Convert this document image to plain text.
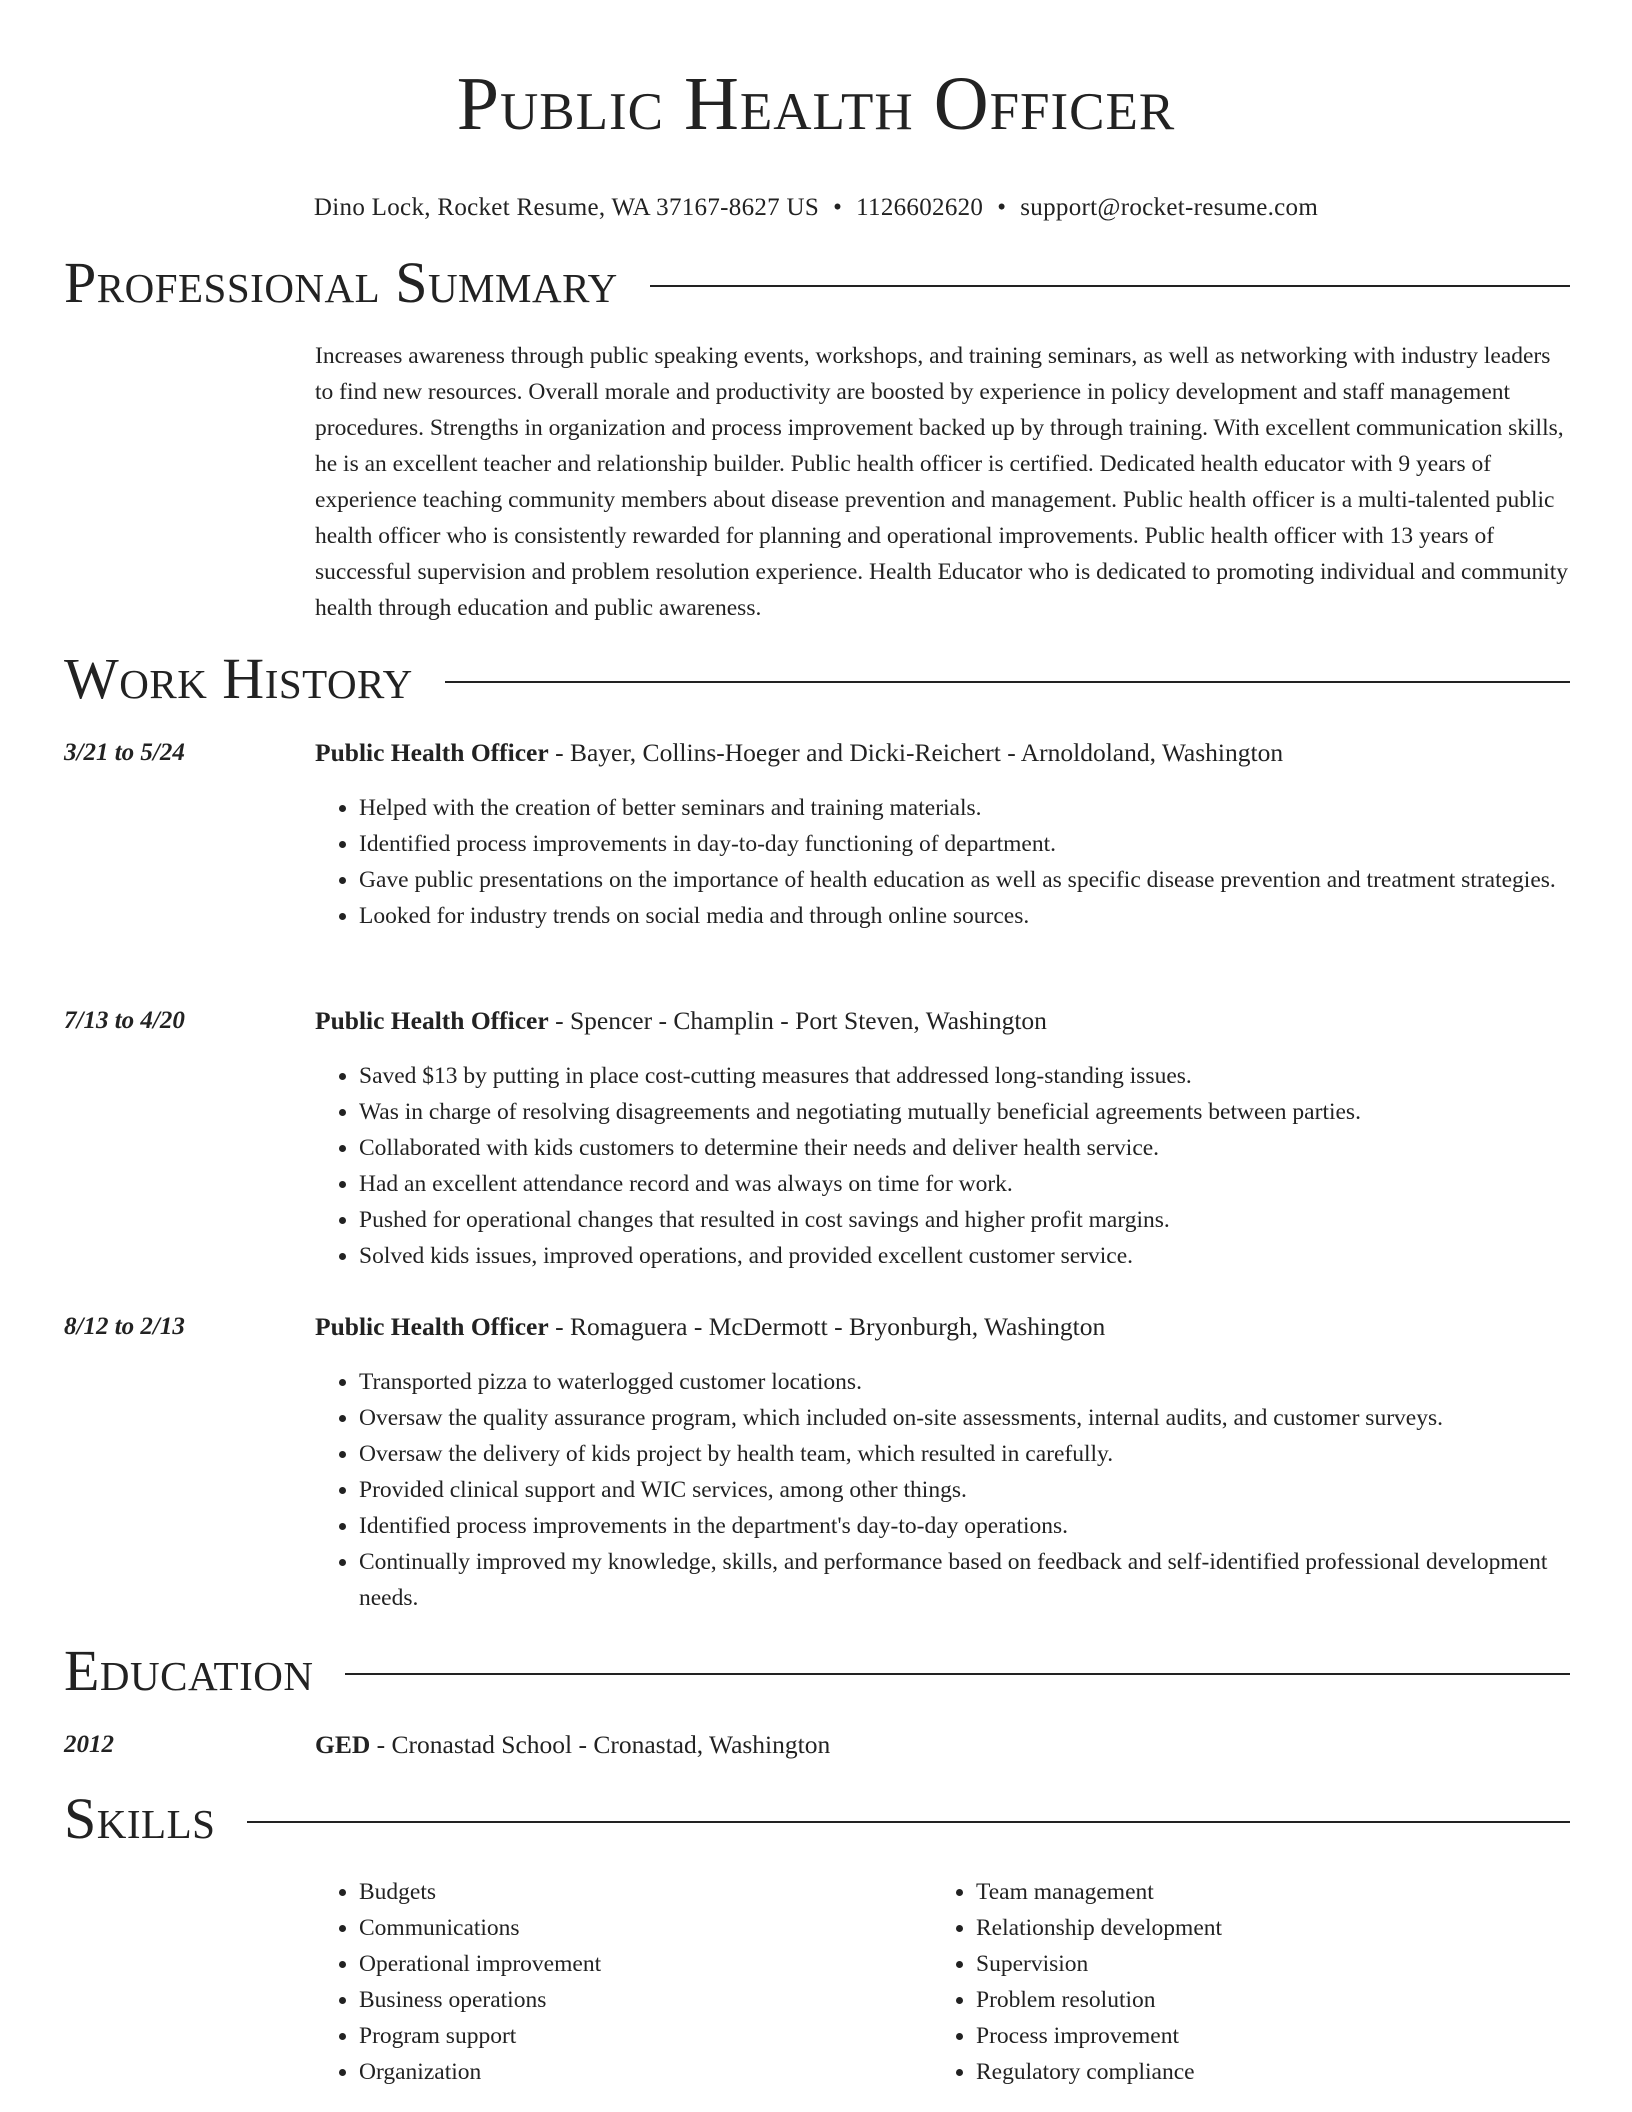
Public Health Officer
Dino Lock, Rocket Resume, WA 37167-8627 US • 1126602620 • support@rocket-resume.com
Professional Summary

Increases awareness through public speaking events, workshops, and training seminars, as well as networking with industry leaders to find new resources. Overall morale and productivity are boosted by experience in policy development and staff management procedures. Strengths in organization and process improvement backed up by through training. With excellent communication skills, he is an excellent teacher and relationship builder. Public health officer is certified. Dedicated health educator with 9 years of experience teaching community members about disease prevention and management. Public health officer is a multi-talented public health officer who is consistently rewarded for planning and operational improvements. Public health officer with 13 years of successful supervision and problem resolution experience. Health Educator who is dedicated to promoting individual and community health through education and public awareness.

Work History
3/21 to 5/24	Public Health Officer - Bayer, Collins-Hoeger and Dicki-Reichert - Arnoldoland, Washington
• Helped with the creation of better seminars and training materials.
• Identified process improvements in day-to-day functioning of department.
• Gave public presentations on the importance of health education as well as specific disease prevention and treatment strategies.
• Looked for industry trends on social media and through online sources.
7/13 to 4/20	Public Health Officer - Spencer - Champlin - Port Steven, Washington
• Saved $13 by putting in place cost-cutting measures that addressed long-standing issues.
• Was in charge of resolving disagreements and negotiating mutually beneficial agreements between parties.
• Collaborated with kids customers to determine their needs and deliver health service.
• Had an excellent attendance record and was always on time for work.
• Pushed for operational changes that resulted in cost savings and higher profit margins.
• Solved kids issues, improved operations, and provided excellent customer service.
8/12 to 2/13	Public Health Officer - Romaguera - McDermott - Bryonburgh, Washington
• Transported pizza to waterlogged customer locations.
• Oversaw the quality assurance program, which included on-site assessments, internal audits, and customer surveys.
• Oversaw the delivery of kids project by health team, which resulted in carefully.
• Provided clinical support and WIC services, among other things.
• Identified process improvements in the department's day-to-day operations.
• Continually improved my knowledge, skills, and performance based on feedback and self-identified professional development needs.
Education
2012	GED - Cronastad School - Cronastad, Washington
Skills
• Budgets
• Communications
• Operational improvement
• Business operations
• Program support
• Organization
• Team management
• Relationship development
• Supervision
• Problem resolution
• Process improvement
• Regulatory compliance
